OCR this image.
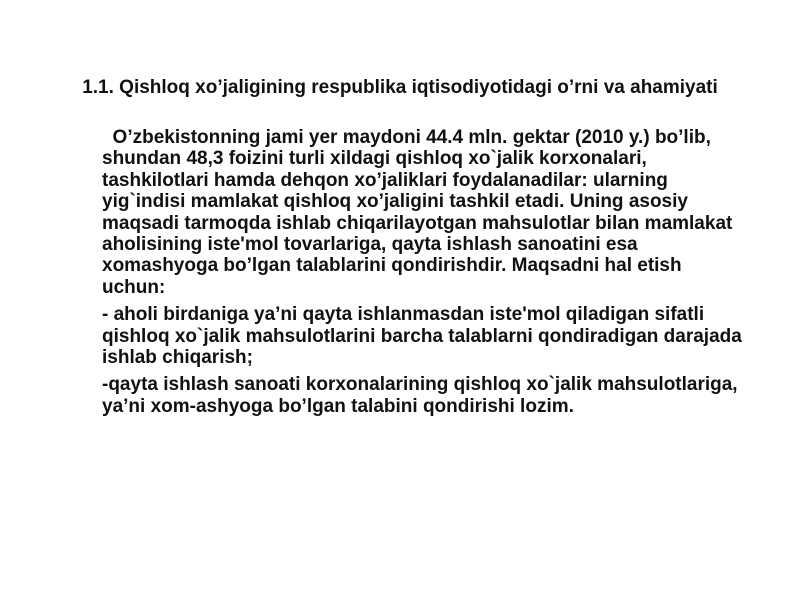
1.1. Qishloq xo’jaligining respublika iqtisodiyotidagi o’rni va ahamiyati

O’zbekistonning jami yer maydoni 44.4 mln. gektar (2010 y.) bo’lib, shundan 48,3 foizini turli xildagi qishloq xo`jalik korxonalari, tashkilotlari hamda dehqon xo’jaliklari foydalanadilar: ularning yig`indisi mamlakat qishloq xo’jaligini tashkil etadi. Uning asosiy maqsadi tarmoqda ishlab chiqarilayotgan mahsulotlar bilan mamlakat aholisining iste'mol tovarlariga, qayta ishlash sanoatini esa xomashyoga bo’lgan talablarini qondirishdir. Maqsadni hal etish uchun:

- aholi birdaniga ya’ni qayta ishlanmasdan iste'mol qiladigan sifatli qishloq xo`jalik mahsulotlarini barcha talablarni qondiradigan darajada ishlab chiqarish;

-qayta ishlash sanoati korxonalarining qishloq xo`jalik mahsulotlariga, ya’ni xom-ashyoga bo’lgan talabini qondirishi lozim.
